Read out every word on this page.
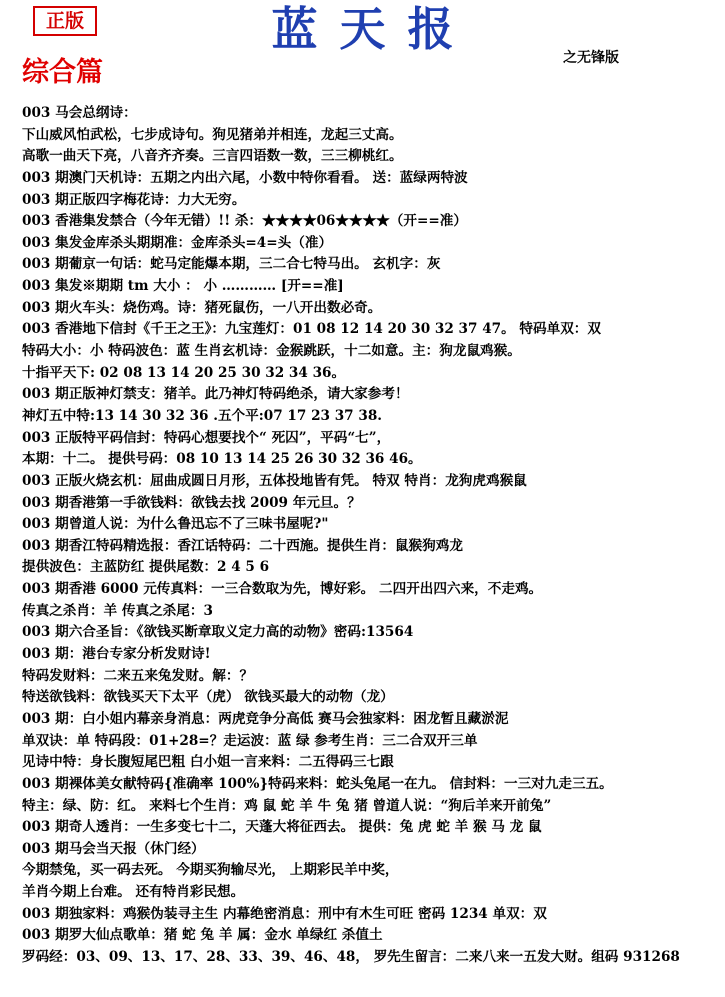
正版	蓝天报
之无锋版
综合篇
003 马会总纲诗：
下山威风怕武松，七步成诗句。狗见猪弟并相连，龙起三丈高。
高歌一曲天下亮，八音齐齐奏。三言四语数一数，三三柳桃红。
003 期澳门天机诗：五期之内出六尾，小数中特你看看。 送：蓝绿两特波
003 期正版四字梅花诗：力大无穷。
003 香港集发禁合（今年无错）!! 杀：★★★★06★★★★（开==准）
003 集发金库杀头期期准：金库杀头=4=头（准）
003 期葡京一句话：蛇马定能爆本期，三二合七特马出。 玄机字：灰
003 集发※期期 tm 大小 ： 小 ………… [开==准]
003 期火车头：烧伤鸡。诗：猪死鼠伤，一八开出数必奇。
003 香港地下信封《千王之王》：九宝莲灯：01 08 12 14 20 30 32 37 47。 特码单双：双
特码大小：小 特码波色：蓝 生肖玄机诗：金猴跳跃，十二如意。主：狗龙鼠鸡猴。
十指平天下: 02 08 13 14 20 25 30 32 34 36。
003 期正版神灯禁支：猪羊。此乃神灯特码绝杀，请大家参考！
神灯五中特:13 14 30 32 36 .五个平:07 17 23 37 38.
003 正版特平码信封：特码心想要找个“ 死囚”，平码“七”，
本期：十二。 提供号码：08 10 13 14 25 26 30 32 36 46。
003 正版火烧玄机：屈曲成圆日月形，五体投地皆有凭。 特双 特肖：龙狗虎鸡猴鼠
003 期香港第一手欲钱料：欲钱去找 2009 年元旦。？
003 期曾道人说：为什么鲁迅忘不了三味书屋呢?"
003 期香江特码精选报：香江话特码：二十西施。提供生肖：鼠猴狗鸡龙
提供波色：主蓝防红 提供尾数：2 4 5 6
003 期香港 6000 元传真料：一三合数取为先，博好彩。 二四开出四六来，不走鸡。
传真之杀肖：羊 传真之杀尾：3
003 期六合圣旨：《欲钱买断章取义定力高的动物》密码:13564
003 期：港台专家分析发财诗!
特码发财料：二来五来兔发财。解：？
特送欲钱料：欲钱买天下太平（虎） 欲钱买最大的动物（龙）
003 期：白小姐内幕亲身消息：两虎竞争分高低 赛马会独家料：困龙暂且藏淤泥
单双诀：单 特码段：01+28=？走运波：蓝 绿 参考生肖：三二合双开三单
见诗中特：身长腹短尾巴粗 白小姐一言来料：二五得码三七跟
003 期裸体美女献特码{准确率 100%}特码来料：蛇头兔尾一在九。 信封料：一三对九走三五。
特主：绿、防：红。 来料七个生肖：鸡 鼠 蛇 羊 牛 兔 猪 曾道人说：“狗后羊来开前兔”
003 期奇人透肖：一生多变七十二，天蓬大将征西去。 提供：兔 虎 蛇 羊 猴 马 龙 鼠
003 期马会当天报（休门经）
今期禁兔，买一码去死。 今期买狗输尽光， 上期彩民羊中奖，
羊肖今期上台难。 还有特肖彩民想。
003 期独家料：鸡猴伪装寻主生 内幕绝密消息：刑中有木生可旺 密码 1234 单双：双
003 期罗大仙点歌单：猪 蛇 兔 羊 属：金水 单绿红 杀值土
罗码经：03、09、13、17、28、33、39、46、48， 罗先生留言：二来八来一五发大财。组码 931268
